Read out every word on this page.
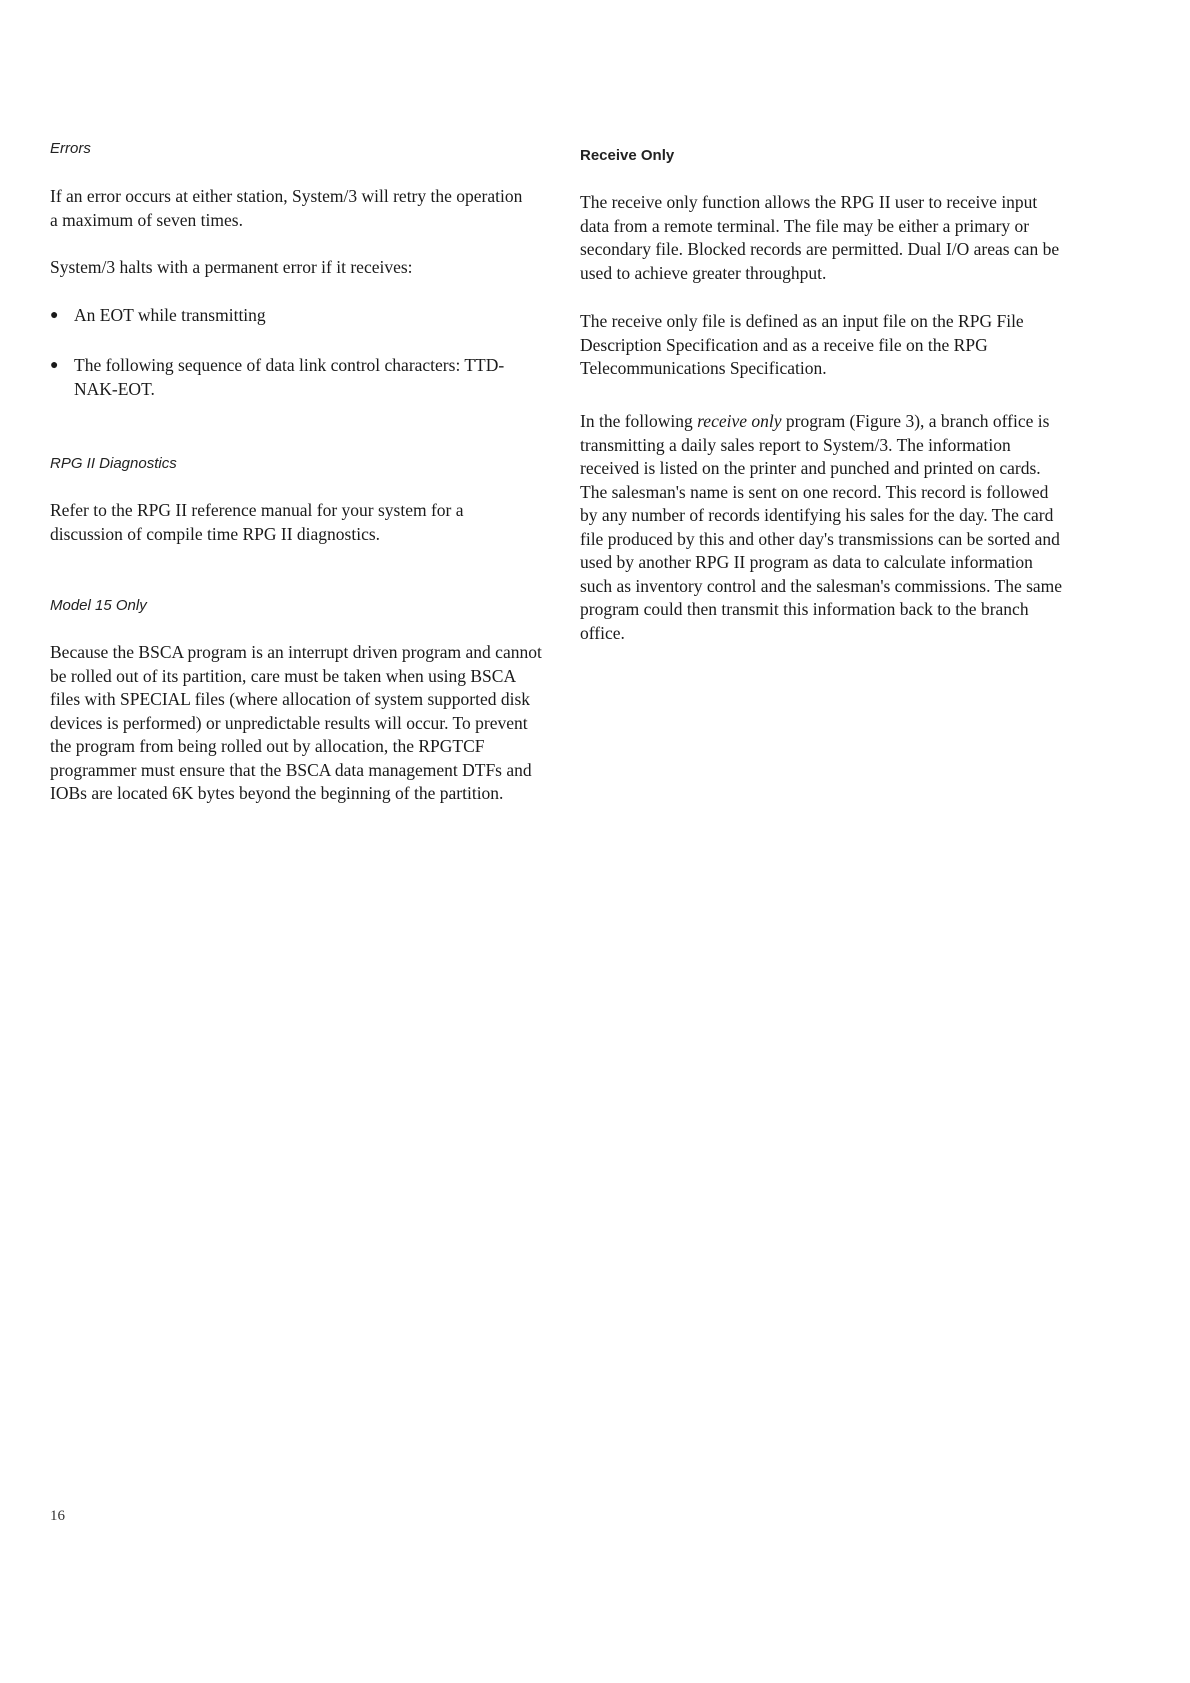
Errors

If an error occurs at either station, System/3 will retry the operation a maximum of seven times.

System/3 halts with a permanent error if it receives:

● An EOT while transmitting
● The following sequence of data link control characters: TTD-NAK-EOT.
RPG II Diagnostics

Refer to the RPG II reference manual for your system for a discussion of compile time RPG II diagnostics.

Model 15 Only

Because the BSCA program is an interrupt driven program and cannot be rolled out of its partition, care must be taken when using BSCA files with SPECIAL files (where allocation of system supported disk devices is performed) or unpredictable results will occur. To prevent the program from being rolled out by allocation, the RPGTCF programmer must ensure that the BSCA data management DTFs and IOBs are located 6K bytes beyond the beginning of the partition.

Receive Only

The receive only function allows the RPG II user to receive input data from a remote terminal. The file may be either a primary or secondary file. Blocked records are permitted. Dual I/O areas can be used to achieve greater throughput.

The receive only file is defined as an input file on the RPG File Description Specification and as a receive file on the RPG Telecommunications Specification.

In the following receive only program (Figure 3), a branch office is transmitting a daily sales report to System/3. The information received is listed on the printer and punched and printed on cards. The salesman's name is sent on one record. This record is followed by any number of records identifying his sales for the day. The card file produced by this and other day's transmissions can be sorted and used by another RPG II program as data to calculate information such as inventory control and the salesman's commissions. The same program could then transmit this information back to the branch office.

16
